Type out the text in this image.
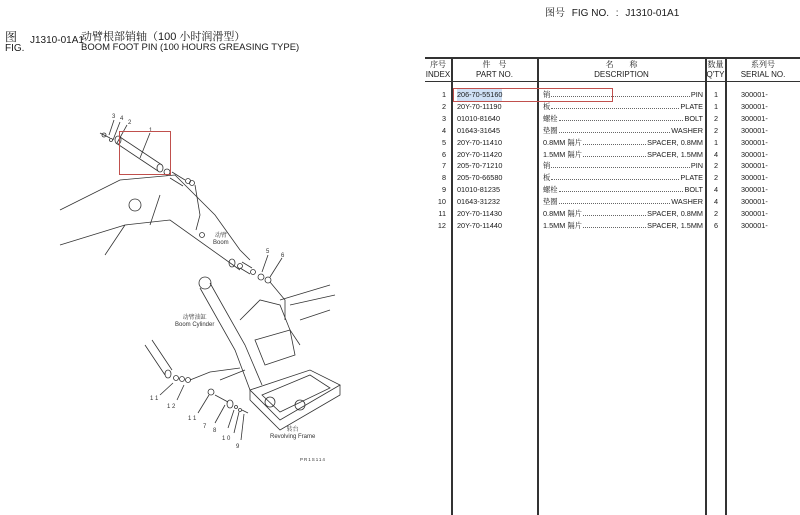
图
FIG.
J1310-01A1
动臂根部销轴（100 小时润滑型）
BOOM FOOT PIN (100 HOURS GREASING TYPE)
图号 FIG NO. : J1310-01A1
3 4
2
1
5
6
1 1
1 2
1 1
7
8
1 0
9
动臂
Boom
动臂油缸
Boom Cylinder
转台
Revolving Frame
PR1S114
序号
INDEX
件　号
PART NO.
名　　称
DESCRIPTION
数量
Q'TY
系列号
SERIAL NO.
1 206-70-55160	销	PIN	1	300001-
2 20Y-70-11190	板	PLATE	1	300001-
3 01010-81640	螺栓	BOLT	2	300001-
4 01643-31645	垫圈	WASHER	2	300001-
5 20Y-70-11410	0.8MM 隔片	SPACER, 0.8MM	1	300001-
6 20Y-70-11420	1.5MM 隔片	SPACER, 1.5MM	4	300001-
7 205-70-71210	销	PIN	2	300001-
8 205-70-66580	板	PLATE	2	300001-
9 01010-81235	螺栓	BOLT	4	300001-
10 01643-31232	垫圈	WASHER	4	300001-
11 20Y-70-11430	0.8MM 隔片	SPACER, 0.8MM	2	300001-
12 20Y-70-11440	1.5MM 隔片	SPACER, 1.5MM	6	300001-
